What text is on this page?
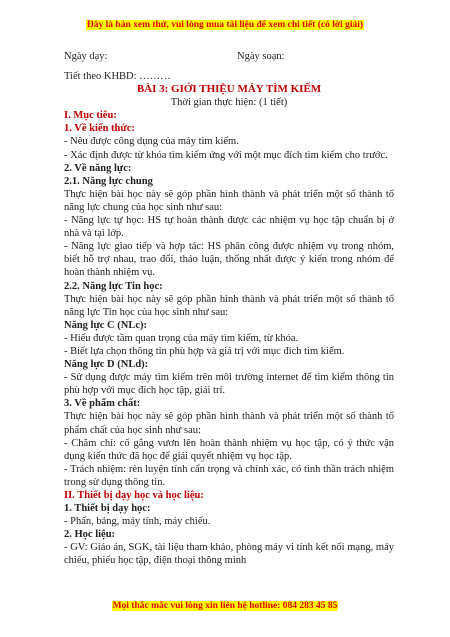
Đây là bản xem thử, vui lòng mua tài liệu để xem chi tiết (có lời giải)
Ngày dạy:	Ngày soạn:

Tiết theo KHBD: ………

BÀI 3: GIỚI THIỆU MÁY TÌM KIẾM

Thời gian thực hiện: (1 tiết)

I. Mục tiêu:

1. Về kiến thức:

- Nêu được công dụng của máy tìm kiếm.

- Xác định được từ khóa tìm kiếm ứng với một mục đích tìm kiếm cho trước.

2. Về năng lực:

2.1. Năng lực chung

Thực hiện bài học này sẽ góp phần hình thành và phát triển một số thành tố năng lực chung của học sinh như sau:

- Năng lực tự học: HS tự hoàn thành được các nhiệm vụ học tập chuẩn bị ở nhà và tại lớp.

- Năng lực giao tiếp và hợp tác: HS phân công được nhiệm vụ trong nhóm, biết hỗ trợ nhau, trao đổi, thảo luận, thống nhất được ý kiến trong nhóm để hoàn thành nhiệm vụ.

2.2. Năng lực Tin học:

Thực hiện bài học này sẽ góp phần hình thành và phát triển một số thành tố năng lực Tin học của học sinh như sau:

Năng lực C (NLc):

- Hiểu được tầm quan trọng của máy tìm kiếm, từ khóa.

- Biết lựa chọn thông tin phù hợp và giá trị với mục đích tìm kiếm.

Năng lực D (NLd):

- Sử dụng được máy tìm kiếm trên môi trường internet để tìm kiếm thông tin phù hợp với mục đích học tập, giải trí.

3. Về phẩm chất:

Thực hiện bài học này sẽ góp phần hình thành và phát triển một số thành tố phẩm chất của học sinh như sau:

- Chăm chỉ: cố gắng vươn lên hoàn thành nhiệm vụ học tập, có ý thức vận dụng kiến thức đã học để giải quyết nhiệm vụ học tập.

- Trách nhiệm: rèn luyện tính cẩn trọng và chính xác, có tinh thần trách nhiệm trong sử dụng thông tin.

II. Thiết bị dạy học và học liệu:

1. Thiết bị dạy học:

- Phấn, bảng, máy tính, máy chiếu.

2. Học liệu:

- GV: Giáo án, SGK, tài liệu tham khảo, phòng máy vi tính kết nối mạng, máy chiếu, phiếu học tập, điện thoại thông minh

Mọi thắc mắc vui lòng xin liên hệ hotline: 084 283 45 85
